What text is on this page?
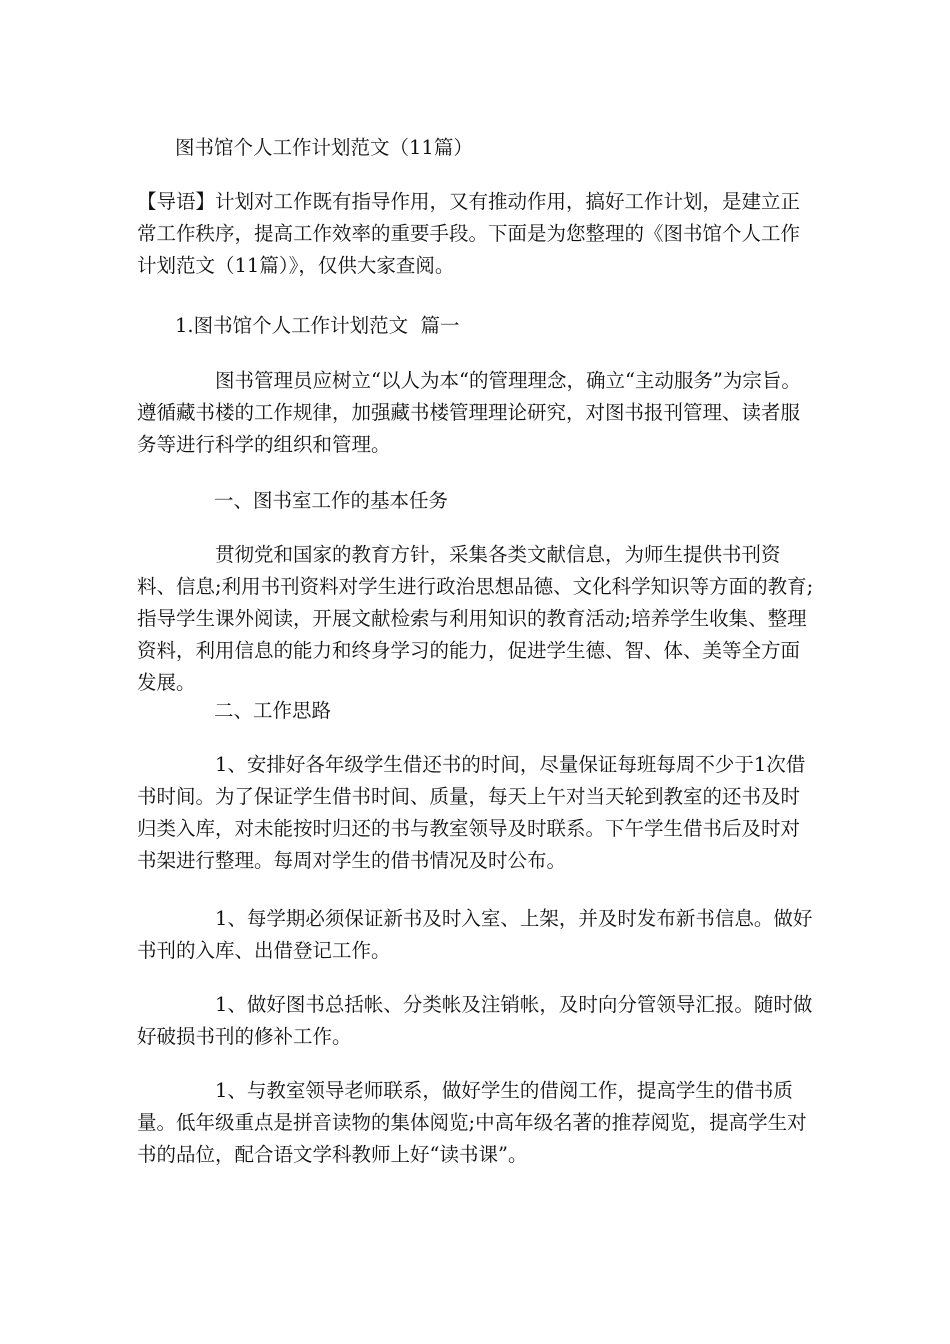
图书馆个人工作计划范文（11篇）

【导语】计划对工作既有指导作用，又有推动作用，搞好工作计划，是建立正常工作秩序，提高工作效率的重要手段。下面是为您整理的《图书馆个人工作计划范文（11篇）》，仅供大家查阅。

1.图书馆个人工作计划范文  篇一

图书管理员应树立“以人为本“的管理理念，确立“主动服务”为宗旨。遵循藏书楼的工作规律，加强藏书楼管理理论研究，对图书报刊管理、读者服务等进行科学的组织和管理。

一、图书室工作的基本任务

贯彻党和国家的教育方针，采集各类文献信息，为师生提供书刊资料、信息;利用书刊资料对学生进行政治思想品德、文化科学知识等方面的教育;指导学生课外阅读，开展文献检索与利用知识的教育活动;培养学生收集、整理资料，利用信息的能力和终身学习的能力，促进学生德、智、体、美等全方面发展。

二、工作思路

1、安排好各年级学生借还书的时间，尽量保证每班每周不少于1次借书时间。为了保证学生借书时间、质量，每天上午对当天轮到教室的还书及时归类入库，对未能按时归还的书与教室领导及时联系。下午学生借书后及时对书架进行整理。每周对学生的借书情况及时公布。

1、每学期必须保证新书及时入室、上架，并及时发布新书信息。做好书刊的入库、出借登记工作。

1、做好图书总括帐、分类帐及注销帐，及时向分管领导汇报。随时做好破损书刊的修补工作。

1、与教室领导老师联系，做好学生的借阅工作，提高学生的借书质量。低年级重点是拼音读物的集体阅览;中高年级名著的推荐阅览，提高学生对书的品位，配合语文学科教师上好“读书课”。
